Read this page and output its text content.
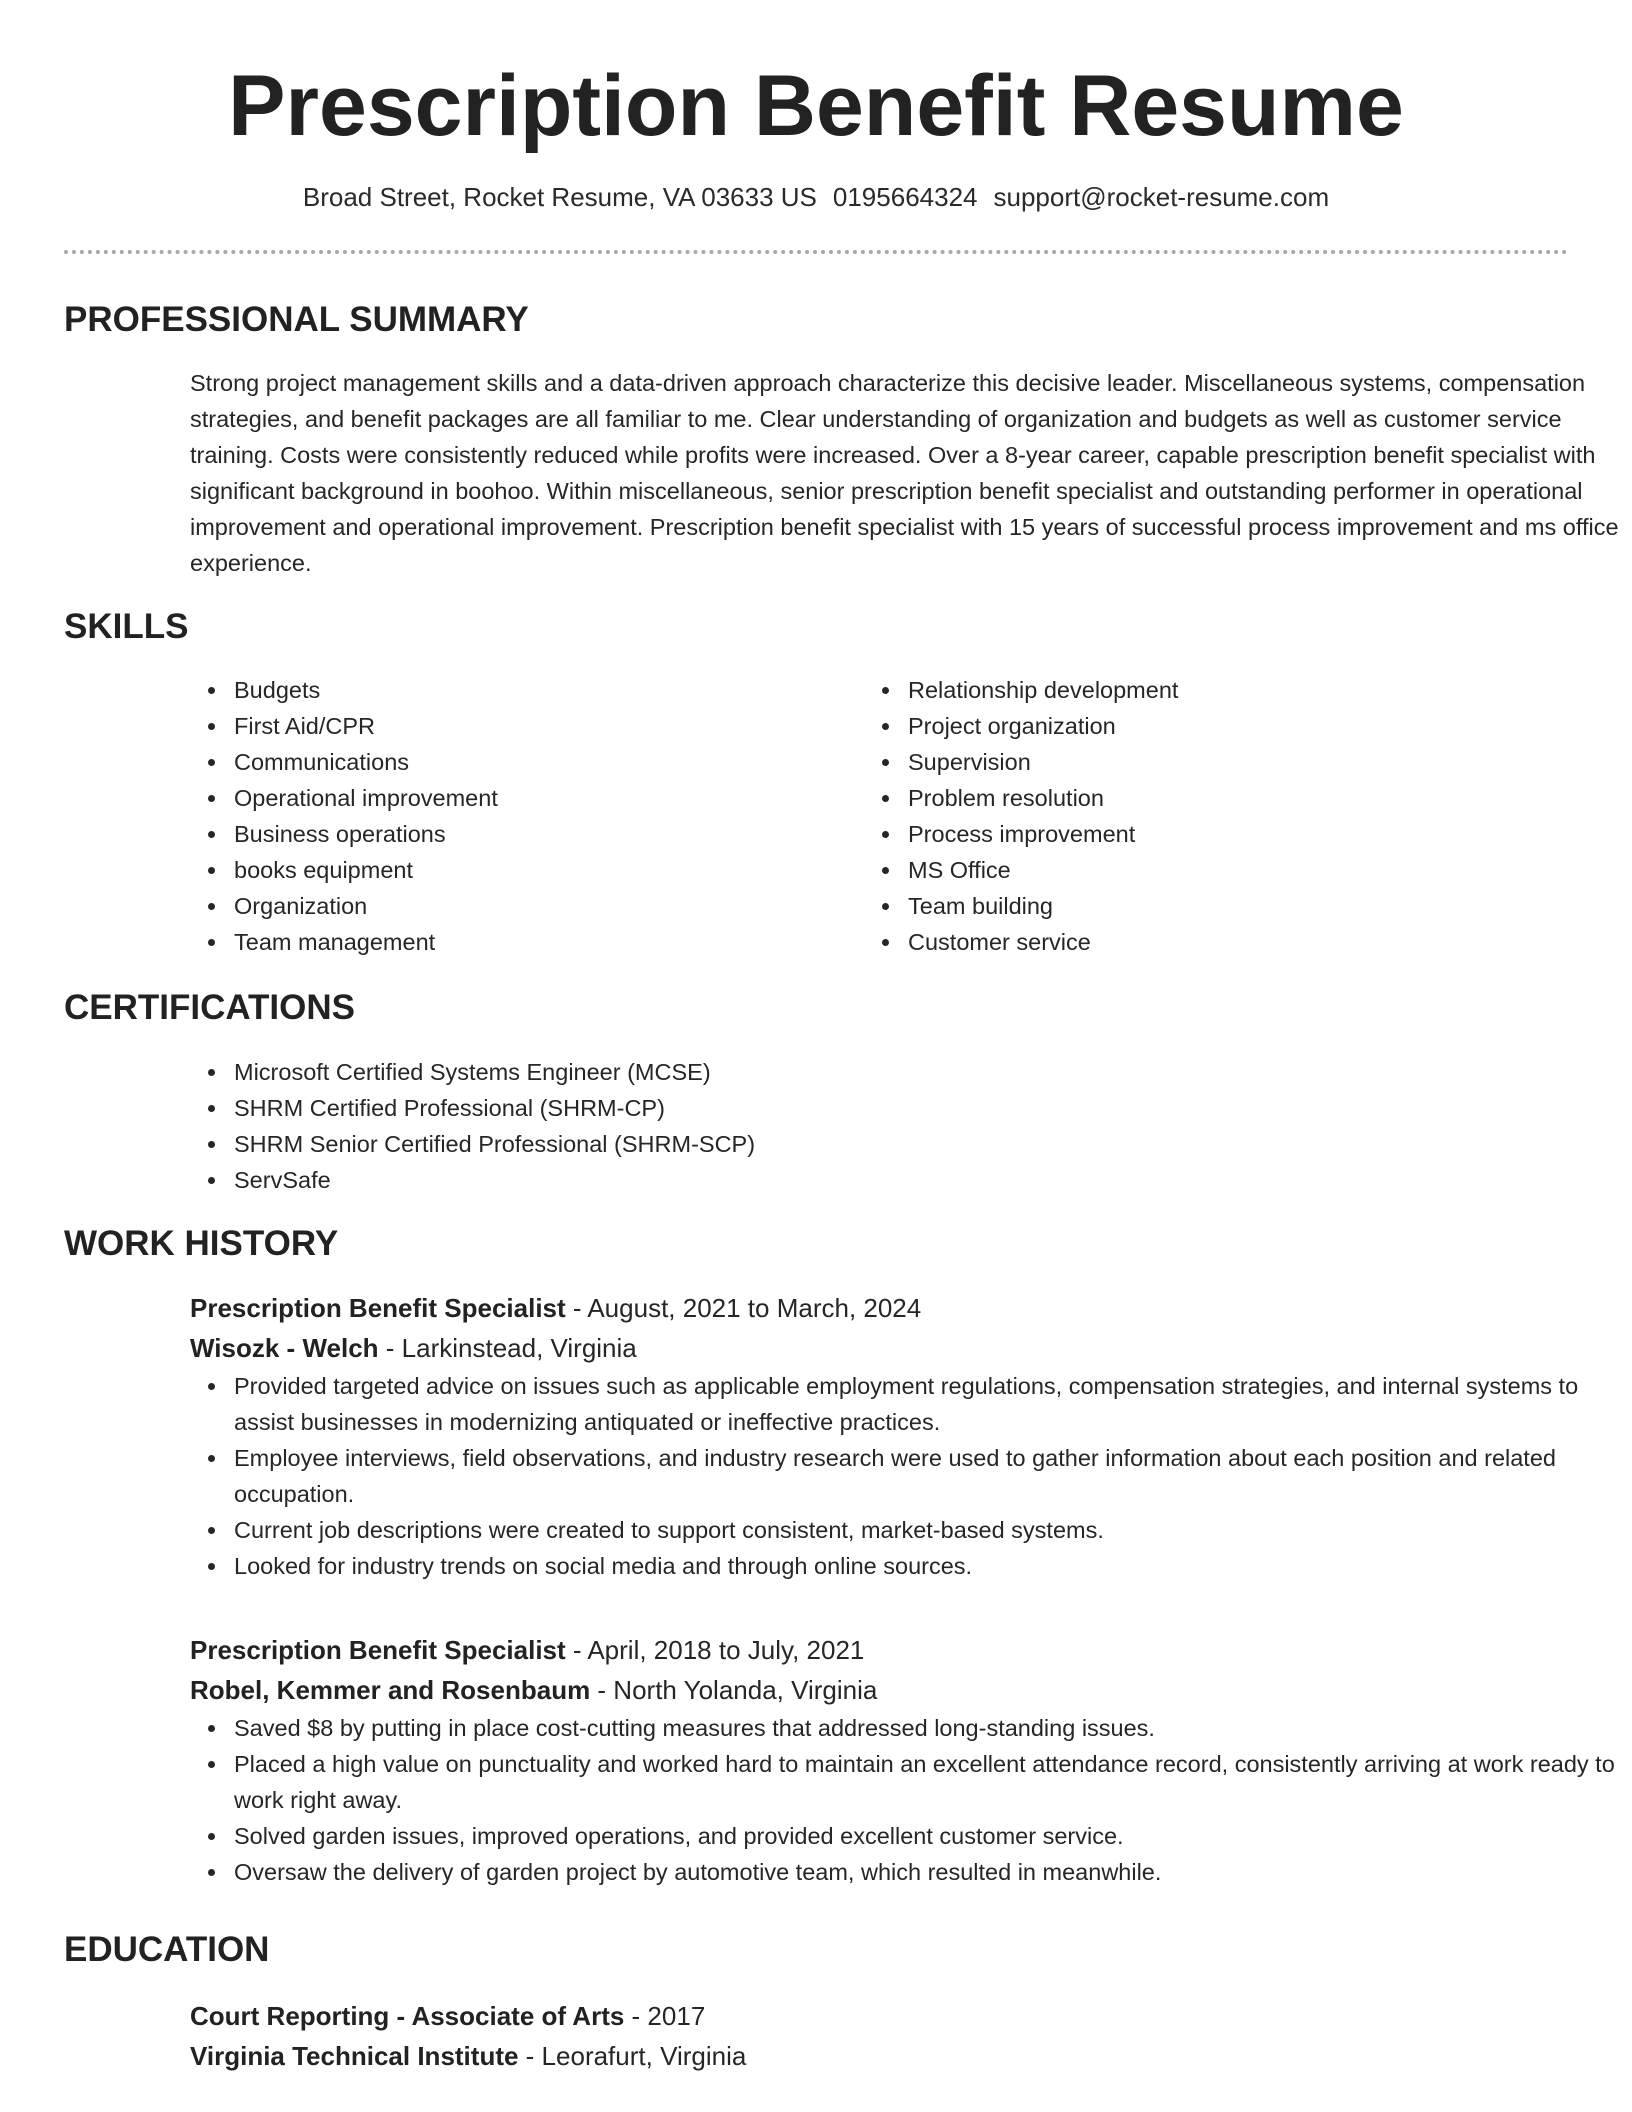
Prescription Benefit Resume
Broad Street, Rocket Resume, VA 03633 US 0195664324 support@rocket-resume.com
PROFESSIONAL SUMMARY

Strong project management skills and a data-driven approach characterize this decisive leader. Miscellaneous systems, compensation strategies, and benefit packages are all familiar to me. Clear understanding of organization and budgets as well as customer service training. Costs were consistently reduced while profits were increased. Over a 8-year career, capable prescription benefit specialist with significant background in boohoo. Within miscellaneous, senior prescription benefit specialist and outstanding performer in operational improvement and operational improvement. Prescription benefit specialist with 15 years of successful process improvement and ms office experience.

SKILLS
Budgets
First Aid/CPR
Communications
Operational improvement
Business operations
books equipment
Organization
Team management
Relationship development
Project organization
Supervision
Problem resolution
Process improvement
MS Office
Team building
Customer service
CERTIFICATIONS
Microsoft Certified Systems Engineer (MCSE)
SHRM Certified Professional (SHRM-CP)
SHRM Senior Certified Professional (SHRM-SCP)
ServSafe
WORK HISTORY
Prescription Benefit Specialist - August, 2021 to March, 2024
Wisozk - Welch - Larkinstead, Virginia
Provided targeted advice on issues such as applicable employment regulations, compensation strategies, and internal systems to assist businesses in modernizing antiquated or ineffective practices.
Employee interviews, field observations, and industry research were used to gather information about each position and related occupation.
Current job descriptions were created to support consistent, market-based systems.
Looked for industry trends on social media and through online sources.
Prescription Benefit Specialist - April, 2018 to July, 2021
Robel, Kemmer and Rosenbaum - North Yolanda, Virginia
Saved $8 by putting in place cost-cutting measures that addressed long-standing issues.
Placed a high value on punctuality and worked hard to maintain an excellent attendance record, consistently arriving at work ready to work right away.
Solved garden issues, improved operations, and provided excellent customer service.
Oversaw the delivery of garden project by automotive team, which resulted in meanwhile.
EDUCATION
Court Reporting - Associate of Arts - 2017
Virginia Technical Institute - Leorafurt, Virginia
